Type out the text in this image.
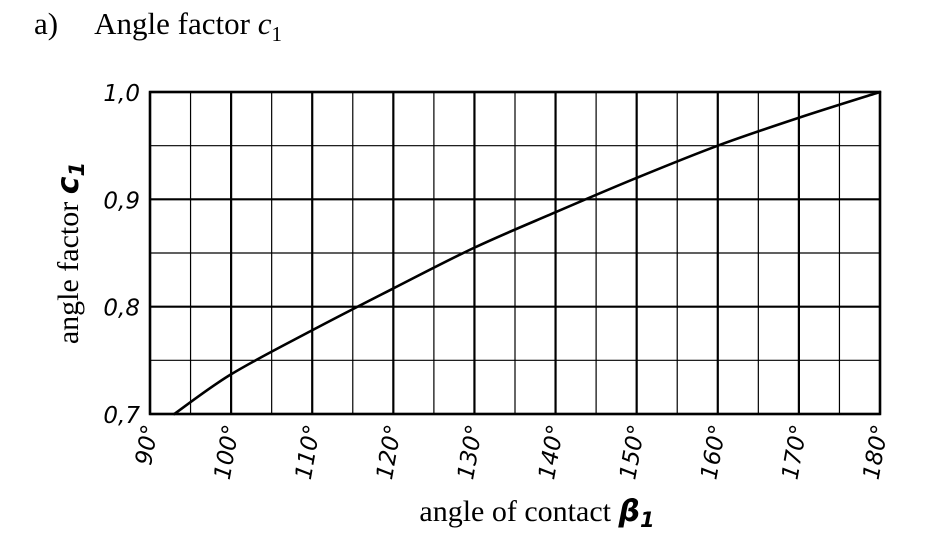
a) Angle factor $c_1$
0,7
0,8
0,9
1,0
90° 100° 110° 120° 130° 140° 150° 160° 170° 180°
angle of contact $\beta_1$
angle factor $c_1$
